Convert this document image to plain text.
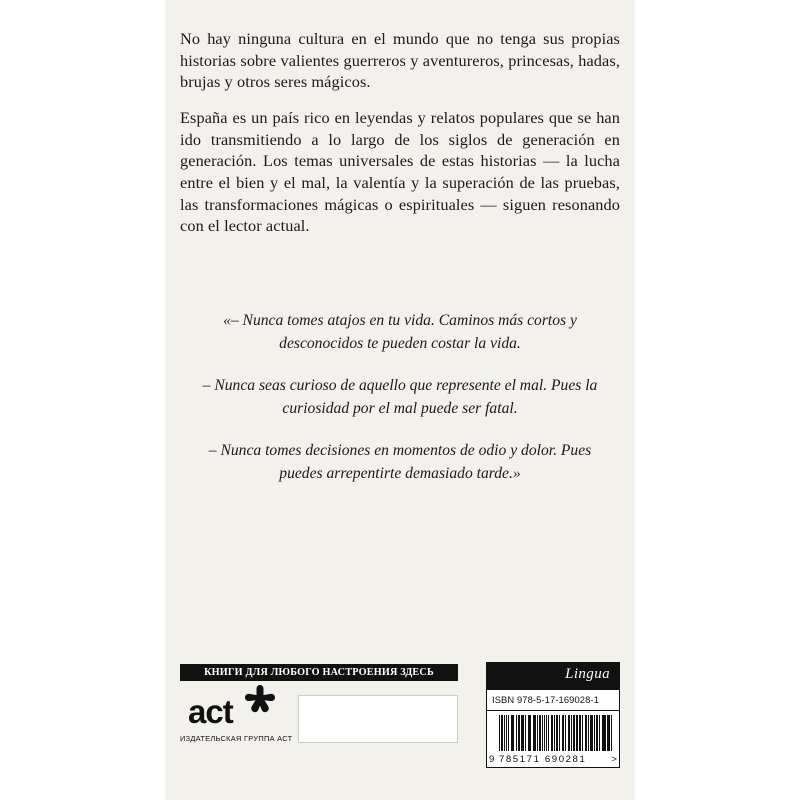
No hay ninguna cultura en el mundo que no tenga sus propias historias sobre valientes guerreros y aventureros, princesas, hadas, brujas y otros seres mágicos.

España es un país rico en leyendas y relatos populares que se han ido transmitiendo a lo largo de los siglos de generación en generación. Los temas universales de estas historias — la lucha entre el bien y el mal, la valentía y la superación de las pruebas, las transformaciones mágicas o espirituales — siguen resonando con el lector actual.

«– Nunca tomes atajos en tu vida. Caminos más cortos y desconocidos te pueden costar la vida.

– Nunca seas curioso de aquello que represente el mal. Pues la curiosidad por el mal puede ser fatal.

– Nunca tomes decisiones en momentos de odio y dolor. Pues puedes arrepentirte demasiado tarde.»

КНИГИ ДЛЯ ЛЮБОГО НАСТРОЕНИЯ ЗДЕСЬ
act
ИЗДАТЕЛЬСКАЯ ГРУППА АСТ
Lingua
ISBN 978-5-17-169028-1
9 785171 690281	>
